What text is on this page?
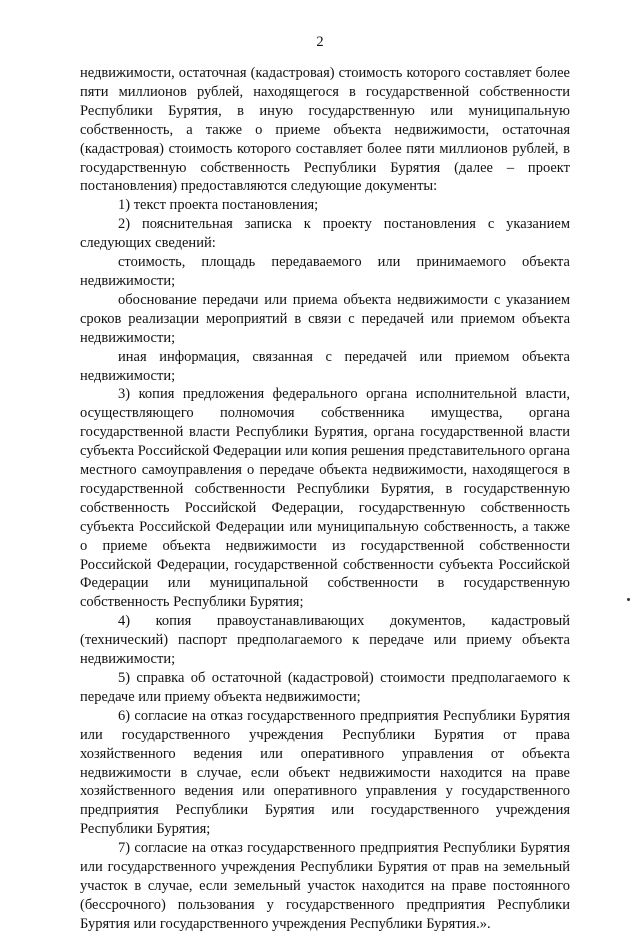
2

недвижимости, остаточная (кадастровая) стоимость которого составляет более пяти миллионов рублей, находящегося в государственной собственности Республики Бурятия, в иную государственную или муниципальную собственность, а также о приеме объекта недвижимости, остаточная (кадастровая) стоимость которого составляет более пяти миллионов рублей, в государственную собственность Республики Бурятия (далее – проект постановления) предоставляются следующие документы:

1) текст проекта постановления;

2) пояснительная записка к проекту постановления с указанием следующих сведений:

стоимость, площадь передаваемого или принимаемого объекта недвижимости;

обоснование передачи или приема объекта недвижимости с указанием сроков реализации мероприятий в связи с передачей или приемом объекта недвижимости;

иная информация, связанная с передачей или приемом объекта недвижимости;

3) копия предложения федерального органа исполнительной власти, осуществляющего полномочия собственника имущества, органа государственной власти Республики Бурятия, органа государственной власти субъекта Российской Федерации или копия решения представительного органа местного самоуправления о передаче объекта недвижимости, находящегося в государственной собственности Республики Бурятия, в государственную собственность Российской Федерации, государственную собственность субъекта Российской Федерации или муниципальную собственность, а также о приеме объекта недвижимости из государственной собственности Российской Федерации, государственной собственности субъекта Российской Федерации или муниципальной собственности в государственную собственность Республики Бурятия;

4) копия правоустанавливающих документов, кадастровый (технический) паспорт предполагаемого к передаче или приему объекта недвижимости;

5) справка об остаточной (кадастровой) стоимости предполагаемого к передаче или приему объекта недвижимости;

6) согласие на отказ государственного предприятия Республики Бурятия или государственного учреждения Республики Бурятия от права хозяйственного ведения или оперативного управления от объекта недвижимости в случае, если объект недвижимости находится на праве хозяйственного ведения или оперативного управления у государственного предприятия Республики Бурятия или государственного учреждения Республики Бурятия;

7) согласие на отказ государственного предприятия Республики Бурятия или государственного учреждения Республики Бурятия от прав на земельный участок в случае, если земельный участок находится на праве постоянного (бессрочного) пользования у государственного предприятия Республики Бурятия или государственного учреждения Республики Бурятия.».
